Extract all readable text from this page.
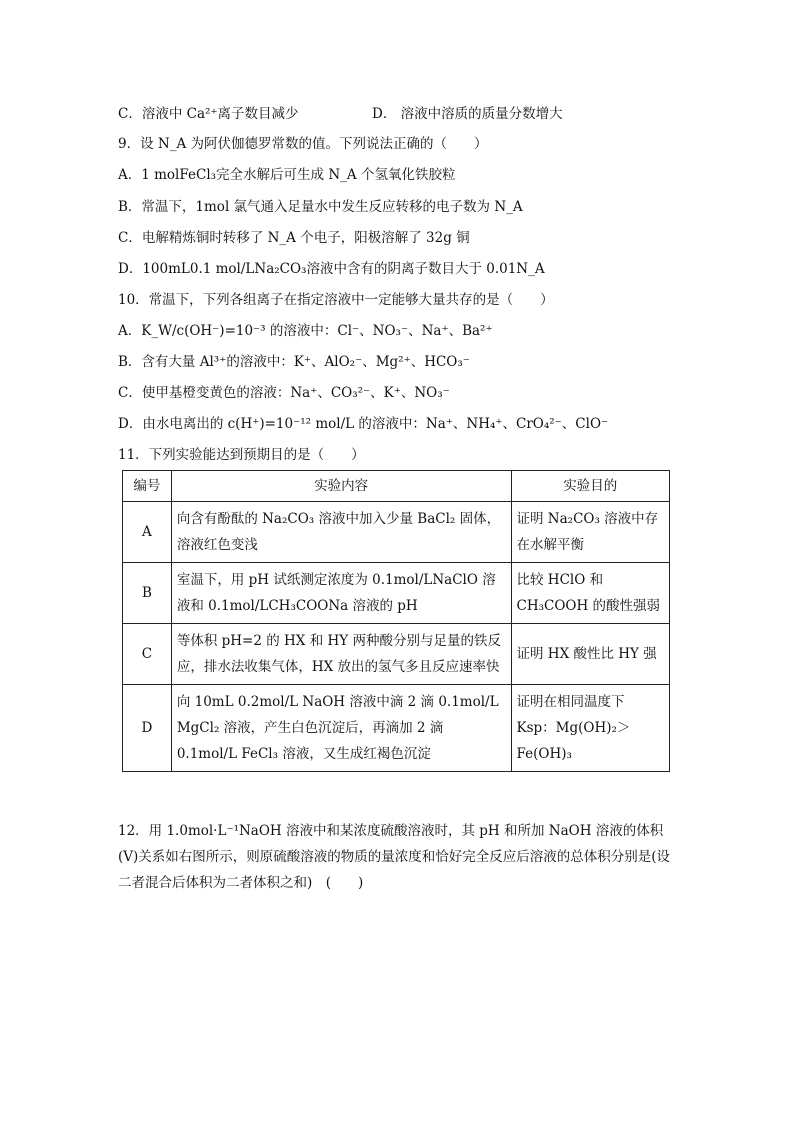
C．溶液中 Ca²⁺离子数目减少	D． 溶液中溶质的质量分数增大
9．设 N_A 为阿伏伽德罗常数的值。下列说法正确的（　　）
A．1 molFeCl₃完全水解后可生成 N_A 个氢氧化铁胶粒
B．常温下，1mol 氯气通入足量水中发生反应转移的电子数为 N_A
C．电解精炼铜时转移了 N_A 个电子，阳极溶解了 32g 铜
D．100mL0.1 mol/LNa₂CO₃溶液中含有的阴离子数目大于 0.01N_A
10．常温下，下列各组离子在指定溶液中一定能够大量共存的是（　　）
A．K_W/c(OH⁻)=10⁻³ 的溶液中：Cl⁻、NO₃⁻、Na⁺、Ba²⁺
B．含有大量 Al³⁺的溶液中：K⁺、AlO₂⁻、Mg²⁺、HCO₃⁻
C．使甲基橙变黄色的溶液：Na⁺、CO₃²⁻、K⁺、NO₃⁻
D．由水电离出的 c(H⁺)=10⁻¹² mol/L 的溶液中：Na⁺、NH₄⁺、CrO₄²⁻、ClO⁻
11．下列实验能达到预期目的是（　　）
编号	实验内容	实验目的
A	向含有酚酞的 Na₂CO₃ 溶液中加入少量 BaCl₂ 固体，溶液红色变浅	证明 Na₂CO₃ 溶液中存在水解平衡
B	室温下，用 pH 试纸测定浓度为 0.1mol/LNaClO 溶液和 0.1mol/LCH₃COONa 溶液的 pH	比较 HClO 和 CH₃COOH 的酸性强弱
C	等体积 pH=2 的 HX 和 HY 两种酸分别与足量的铁反应，排水法收集气体，HX 放出的氢气多且反应速率快	证明 HX 酸性比 HY 强
D	向 10mL 0.2mol/L NaOH 溶液中滴 2 滴 0.1mol/L MgCl₂ 溶液，产生白色沉淀后，再滴加 2 滴 0.1mol/L FeCl₃ 溶液，又生成红褐色沉淀	证明在相同温度下 Ksp：Mg(OH)₂＞Fe(OH)₃
12．用 1.0mol·L⁻¹NaOH 溶液中和某浓度硫酸溶液时，其 pH 和所加 NaOH 溶液的体积(V)关系如右图所示，则原硫酸溶液的物质的量浓度和恰好完全反应后溶液的总体积分别是(设二者混合后体积为二者体积之和)　(　　)
